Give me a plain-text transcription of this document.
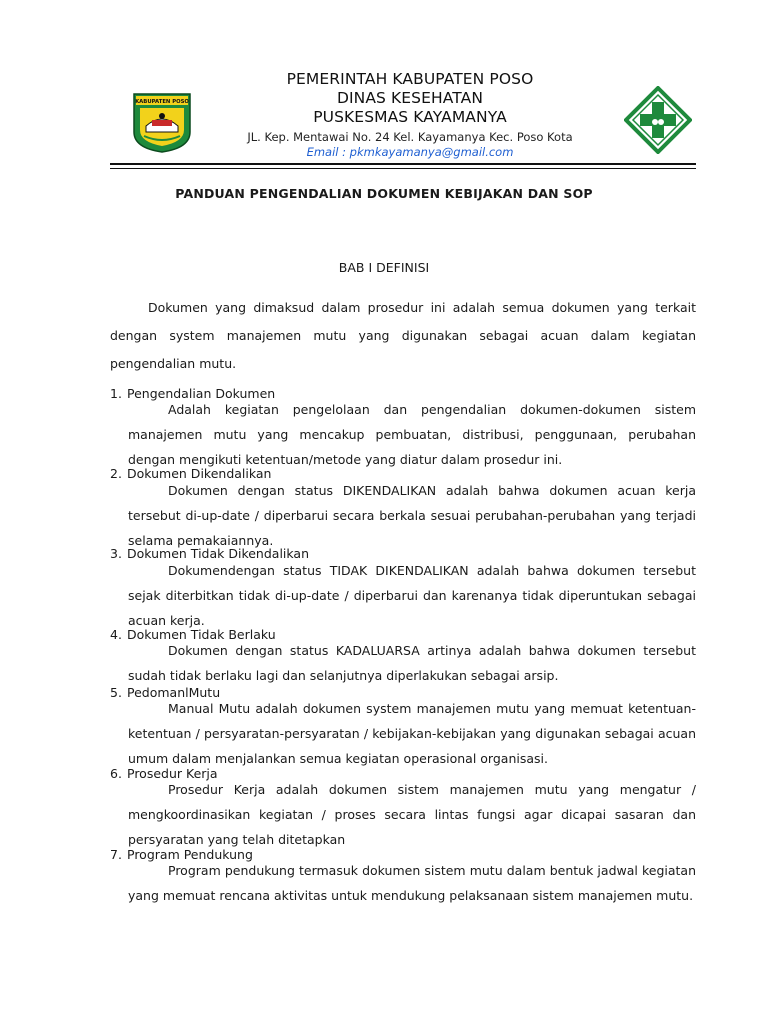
KABUPATEN POSO
PEMERINTAH KABUPATEN POSO
DINAS KESEHATAN
PUSKESMAS KAYAMANYA
JL. Kep. Mentawai No. 24 Kel. Kayamanya Kec. Poso Kota
Email : pkmkayamanya@gmail.com
PANDUAN PENGENDALIAN DOKUMEN KEBIJAKAN DAN SOP
BAB I DEFINISI
Dokumen yang dimaksud dalam prosedur ini adalah semua dokumen yang terkait dengan system manajemen mutu yang digunakan sebagai acuan dalam kegiatan pengendalian mutu.
1. Pengendalian Dokumen
Adalah kegiatan pengelolaan dan pengendalian dokumen-dokumen sistem manajemen mutu yang mencakup pembuatan, distribusi, penggunaan, perubahan dengan mengikuti ketentuan/metode yang diatur dalam prosedur ini.
2. Dokumen Dikendalikan
Dokumen dengan status DIKENDALIKAN adalah bahwa dokumen acuan kerja tersebut di-up-date / diperbarui secara berkala sesuai perubahan-perubahan yang terjadi selama pemakaiannya.
3. Dokumen Tidak Dikendalikan
Dokumendengan status TIDAK DIKENDALIKAN adalah bahwa dokumen tersebut sejak diterbitkan tidak di-up-date / diperbarui dan karenanya tidak diperuntukan sebagai acuan kerja.
4. Dokumen Tidak Berlaku
Dokumen dengan status KADALUARSA artinya adalah bahwa dokumen tersebut sudah tidak berlaku lagi dan selanjutnya diperlakukan sebagai arsip.
5. PedomanlMutu
Manual Mutu adalah dokumen system manajemen mutu yang memuat ketentuan-ketentuan / persyaratan-persyaratan / kebijakan-kebijakan yang digunakan sebagai acuan umum dalam menjalankan semua kegiatan operasional organisasi.
6. Prosedur Kerja
Prosedur Kerja adalah dokumen sistem manajemen mutu yang mengatur / mengkoordinasikan kegiatan / proses secara lintas fungsi agar dicapai sasaran dan persyaratan yang telah ditetapkan
7. Program Pendukung
Program pendukung termasuk dokumen sistem mutu dalam bentuk jadwal kegiatan yang memuat rencana aktivitas untuk mendukung pelaksanaan sistem manajemen mutu.
